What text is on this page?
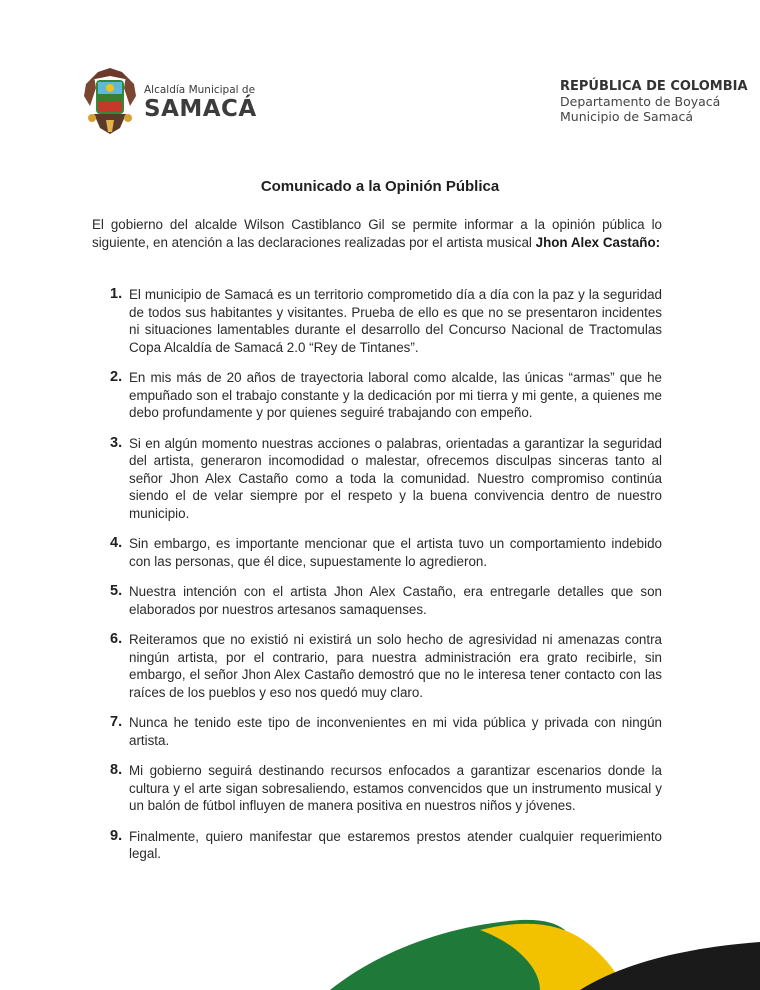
Alcaldía Municipal de
SAMACÁ
REPÚBLICA DE COLOMBIA
Departamento de Boyacá
Municipio de Samacá
Comunicado a la Opinión Pública
El gobierno del alcalde Wilson Castiblanco Gil se permite informar a la opinión pública lo siguiente, en atención a las declaraciones realizadas por el artista musical Jhon Alex Castaño:
1. El municipio de Samacá es un territorio comprometido día a día con la paz y la seguridad de todos sus habitantes y visitantes. Prueba de ello es que no se presentaron incidentes ni situaciones lamentables durante el desarrollo del Concurso Nacional de Tractomulas Copa Alcaldía de Samacá 2.0 “Rey de Tintanes”.
2. En mis más de 20 años de trayectoria laboral como alcalde, las únicas “armas” que he empuñado son el trabajo constante y la dedicación por mi tierra y mi gente, a quienes me debo profundamente y por quienes seguiré trabajando con empeño.
3. Si en algún momento nuestras acciones o palabras, orientadas a garantizar la seguridad del artista, generaron incomodidad o malestar, ofrecemos disculpas sinceras tanto al señor Jhon Alex Castaño como a toda la comunidad. Nuestro compromiso continúa siendo el de velar siempre por el respeto y la buena convivencia dentro de nuestro municipio.
4. Sin embargo, es importante mencionar que el artista tuvo un comportamiento indebido con las personas, que él dice, supuestamente lo agredieron.
5. Nuestra intención con el artista Jhon Alex Castaño, era entregarle detalles que son elaborados por nuestros artesanos samaquenses.
6. Reiteramos que no existió ni existirá un solo hecho de agresividad ni amenazas contra ningún artista, por el contrario, para nuestra administración era grato recibirle, sin embargo, el señor Jhon Alex Castaño demostró que no le interesa tener contacto con las raíces de los pueblos y eso nos quedó muy claro.
7. Nunca he tenido este tipo de inconvenientes en mi vida pública y privada con ningún artista.
8. Mi gobierno seguirá destinando recursos enfocados a garantizar escenarios donde la cultura y el arte sigan sobresaliendo, estamos convencidos que un instrumento musical y un balón de fútbol influyen de manera positiva en nuestros niños y jóvenes.
9. Finalmente, quiero manifestar que estaremos prestos atender cualquier requerimiento legal.
